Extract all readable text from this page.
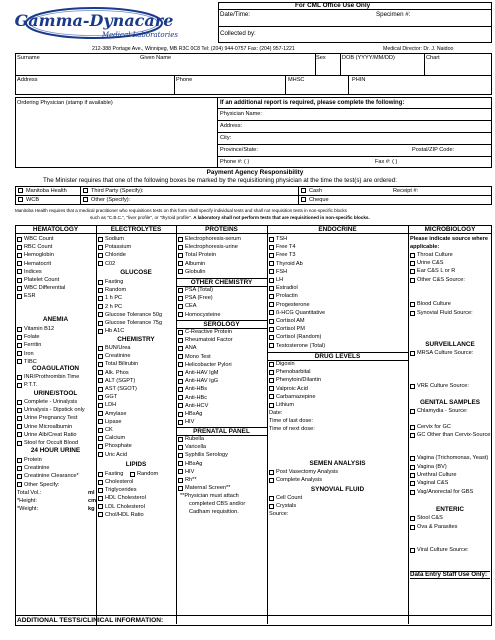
Gamma-Dynacare
Medical Laboratories
For CML Office Use Only
Date/Time:	Specimen #:
Collected by:
212-388 Portage Ave., Winnipeg, MB R3C 0C8 Tel: (204) 944-0757 Fax: (204) 957-1221	Medical Director: Dr. J. Naidoo
Surname	Given Name	Sex	DOB (YYYY/MM/DD)	Chart
Address	Phone	MHSC	PHIN
Ordering Physician (stamp if available)	If an additional report is required, please complete the following:
Physician Name:
Address:
City:
Province/State:	Postal/ZIP Code:
Phone #: ( )	Fax #: ( )
Payment Agency Responsibility
The Minister requires that one of the following boxes be marked by the requisitioning physician at the time the test(s) are ordered:
Manitoba Health	Third Party (Specify):	Cash	Receipt #:
WCB	Other (Specify):	Cheque
Manitoba Health requires that a medical practitioner who requisitions tests on this form shall specify individual tests and shall not requisition tests in non-specific blocks
such as "C.B.C.", "liver profile", or "thyroid profile". A laboratory shall not perform tests that are requisitioned in non-specific blocks.
HEMATOLOGY
WBC Count
RBC Count
Hemoglobin
Hematocrit
Indices
Platelet Count
WBC Differential
ESR
ANEMIA
Vitamin B12
Folate
Ferritin
Iron
TIBC
COAGULATION
INR/Prothrombin Time
P.T.T.
URINE/STOOL
Complete - Urinalysis
Urinalysis - Dipstick only
Urine Pregnancy Test
Urine Microalbumin
Urine Alb/Creat Ratio
Stool for Occult Blood
24 HOUR URINE
Protein
Creatinine
Creatinine Clearance*
Other Specify:
Total Vol.:	ml
*Height:	cm
*Weight:	kg
ELECTROLYTES
Sodium
Potassium
Chloride
C02
GLUCOSE
Fasting
Random
1 h PC
2 h PC
Glucose Tolerance 50g
Glucose Tolerance 75g
Hb A1C
CHEMISTRY
BUN/Urea
Creatinine
Total Bilirubin
Alk. Phos
ALT (SGPT)
AST (SGOT)
GGT
LDH
Amylase
Lipase
CK
Calcium
Phosphate
Uric Acid
LIPIDS
Fasting Random
Cholesterol
Triglycerides
HDL Cholesterol
LDL Cholesterol
Chol/HDL Ratio
PROTEINS
Electrophoresis-serum
Electrophoresis-urine
Total Protein
Albumin
Globulin
OTHER CHEMISTRY
PSA (Total)
PSA (Free)
CEA
Homocysteine
SEROLOGY
C-Reactive Protein
Rheumatoid Factor
ANA
Mono Test
Helicobacter Pylori
Anti-HAV IgM
Anti-HAV IgG
Anti-HBs
Anti-HBc
Anti-HCV
HBsAg
HIV
PRENATAL PANEL
Rubella
Varicella
Syphilis Serology
HBsAg
HIV
Rh**
Maternal Screen**
**Physician must attach
completed CBS and/or
Cadham requisition.
ENDOCRINE
TSH
Free T4
Free T3
Thyroid Ab
FSH
LH
Estradiol
Prolactin
Progesterone
ß-HCG Quantitative
Cortisol AM
Cortisol PM
Cortisol (Random)
Testosterone (Total)
DRUG LEVELS
Digoxin
Phenobarbital
Phenytoin/Dilantin
Valproic Acid
Carbamazepine
Lithium
Date:
Time of last dose:
Time of next dose:
SEMEN ANALYSIS
Post Vasectomy Analysis
Complete Analysis
SYNOVIAL FLUID
Cell Count
Crystals
Source:
MICROBIOLOGY
Please indicate source where
applicable:
Throat Culture
Urine C&S
Ear C&S L or R
Other C&S Source:
Blood Culture
Synovial Fluid Source:
SURVEILLANCE
MRSA Culture Source:
VRE Culture Source:
GENITAL SAMPLES
Chlamydia - Source:
Cervix for GC
GC Other than Cervix-Source:
Vagina (Trichomonas, Yeast)
Vagina (BV)
Urethral Culture
Vaginal C&S
Vag/Anorectal for GBS
ENTERIC
Stool C&S
Ova & Parasites
Viral Culture Source:
Data Entry Staff Use Only:
ADDITIONAL TESTS/CLINICAL INFORMATION:
